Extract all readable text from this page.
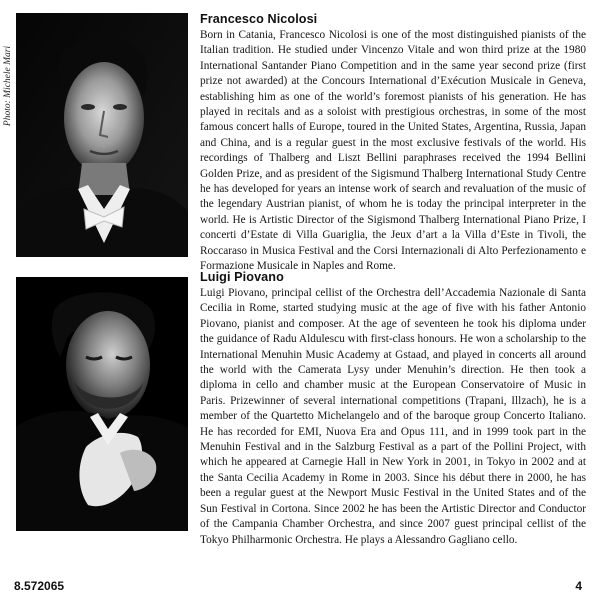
Photo: Michele Mari
Francesco Nicolosi

Born in Catania, Francesco Nicolosi is one of the most distinguished pianists of the Italian tradition. He studied under Vincenzo Vitale and won third prize at the 1980 International Santander Piano Competition and in the same year second prize (first prize not awarded) at the Concours International d’Exécution Musicale in Geneva, establishing him as one of the world’s foremost pianists of his generation. He has played in recitals and as a soloist with prestigious orchestras, in some of the most famous concert halls of Europe, toured in the United States, Argentina, Russia, Japan and China, and is a regular guest in the most exclusive festivals of the world. His recordings of Thalberg and Liszt Bellini paraphrases received the 1994 Bellini Golden Prize, and as president of the Sigismund Thalberg International Study Centre he has developed for years an intense work of search and revaluation of the music of the legendary Austrian pianist, of whom he is today the principal interpreter in the world. He is Artistic Director of the Sigismond Thalberg International Piano Prize, I concerti d’Estate di Villa Guariglia, the Jeux d’art a la Villa d’Este in Tivoli, the Roccaraso in Musica Festival and the Corsi Internazionali di Alto Perfezionamento e Formazione Musicale in Naples and Rome.

Luigi Piovano

Luigi Piovano, principal cellist of the Orchestra dell’Accademia Nazionale di Santa Cecilia in Rome, started studying music at the age of five with his father Antonio Piovano, pianist and composer. At the age of seventeen he took his diploma under the guidance of Radu Aldulescu with first-class honours. He won a scholarship to the International Menuhin Music Academy at Gstaad, and played in concerts all around the world with the Camerata Lysy under Menuhin’s direction. He then took a diploma in cello and chamber music at the European Conservatoire of Music in Paris. Prizewinner of several international competitions (Trapani, Illzach), he is a member of the Quartetto Michelangelo and of the baroque group Concerto Italiano. He has recorded for EMI, Nuova Era and Opus 111, and in 1999 took part in the Menuhin Festival and in the Salzburg Festival as a part of the Pollini Project, with which he appeared at Carnegie Hall in New York in 2001, in Tokyo in 2002 and at the Santa Cecilia Academy in Rome in 2003. Since his début there in 2000, he has been a regular guest at the Newport Music Festival in the United States and of the Sun Festival in Cortona. Since 2002 he has been the Artistic Director and Conductor of the Campania Chamber Orchestra, and since 2007 guest principal cellist of the Tokyo Philharmonic Orchestra. He plays a Alessandro Gagliano cello.

8.572065	4
